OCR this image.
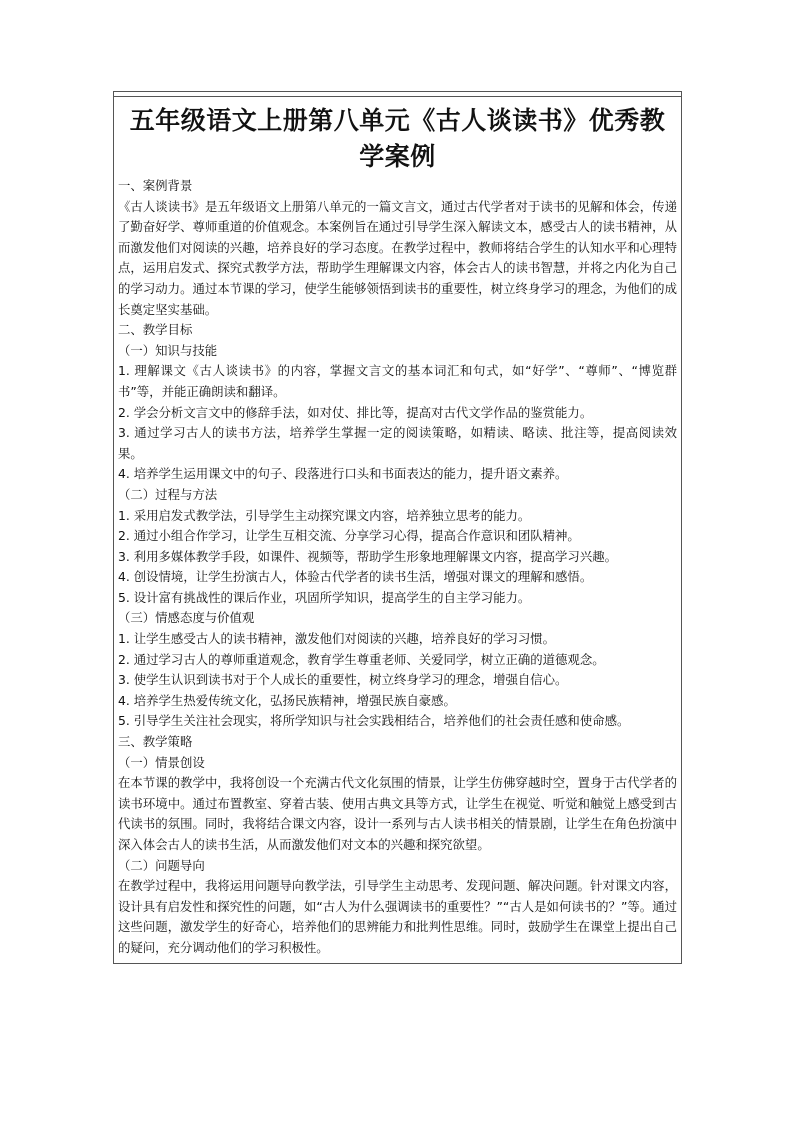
五年级语文上册第八单元《古人谈读书》优秀教学案例

一、案例背景

《古人谈读书》是五年级语文上册第八单元的一篇文言文，通过古代学者对于读书的见解和体会，传递了勤奋好学、尊师重道的价值观念。本案例旨在通过引导学生深入解读文本，感受古人的读书精神，从而激发他们对阅读的兴趣，培养良好的学习态度。在教学过程中，教师将结合学生的认知水平和心理特点，运用启发式、探究式教学方法，帮助学生理解课文内容，体会古人的读书智慧，并将之内化为自己的学习动力。通过本节课的学习，使学生能够领悟到读书的重要性，树立终身学习的理念，为他们的成长奠定坚实基础。

二、教学目标

（一）知识与技能

1. 理解课文《古人谈读书》的内容，掌握文言文的基本词汇和句式，如“好学”、“尊师”、“博览群书”等，并能正确朗读和翻译。

2. 学会分析文言文中的修辞手法，如对仗、排比等，提高对古代文学作品的鉴赏能力。

3. 通过学习古人的读书方法，培养学生掌握一定的阅读策略，如精读、略读、批注等，提高阅读效果。

4. 培养学生运用课文中的句子、段落进行口头和书面表达的能力，提升语文素养。

（二）过程与方法

1. 采用启发式教学法，引导学生主动探究课文内容，培养独立思考的能力。

2. 通过小组合作学习，让学生互相交流、分享学习心得，提高合作意识和团队精神。

3. 利用多媒体教学手段，如课件、视频等，帮助学生形象地理解课文内容，提高学习兴趣。

4. 创设情境，让学生扮演古人，体验古代学者的读书生活，增强对课文的理解和感悟。

5. 设计富有挑战性的课后作业，巩固所学知识，提高学生的自主学习能力。

（三）情感态度与价值观

1. 让学生感受古人的读书精神，激发他们对阅读的兴趣，培养良好的学习习惯。

2. 通过学习古人的尊师重道观念，教育学生尊重老师、关爱同学，树立正确的道德观念。

3. 使学生认识到读书对于个人成长的重要性，树立终身学习的理念，增强自信心。

4. 培养学生热爱传统文化，弘扬民族精神，增强民族自豪感。

5. 引导学生关注社会现实，将所学知识与社会实践相结合，培养他们的社会责任感和使命感。

三、教学策略

（一）情景创设

在本节课的教学中，我将创设一个充满古代文化氛围的情景，让学生仿佛穿越时空，置身于古代学者的读书环境中。通过布置教室、穿着古装、使用古典文具等方式，让学生在视觉、听觉和触觉上感受到古代读书的氛围。同时，我将结合课文内容，设计一系列与古人读书相关的情景剧，让学生在角色扮演中深入体会古人的读书生活，从而激发他们对文本的兴趣和探究欲望。

（二）问题导向

在教学过程中，我将运用问题导向教学法，引导学生主动思考、发现问题、解决问题。针对课文内容，设计具有启发性和探究性的问题，如“古人为什么强调读书的重要性？”“古人是如何读书的？”等。通过这些问题，激发学生的好奇心，培养他们的思辨能力和批判性思维。同时，鼓励学生在课堂上提出自己的疑问，充分调动他们的学习积极性。
